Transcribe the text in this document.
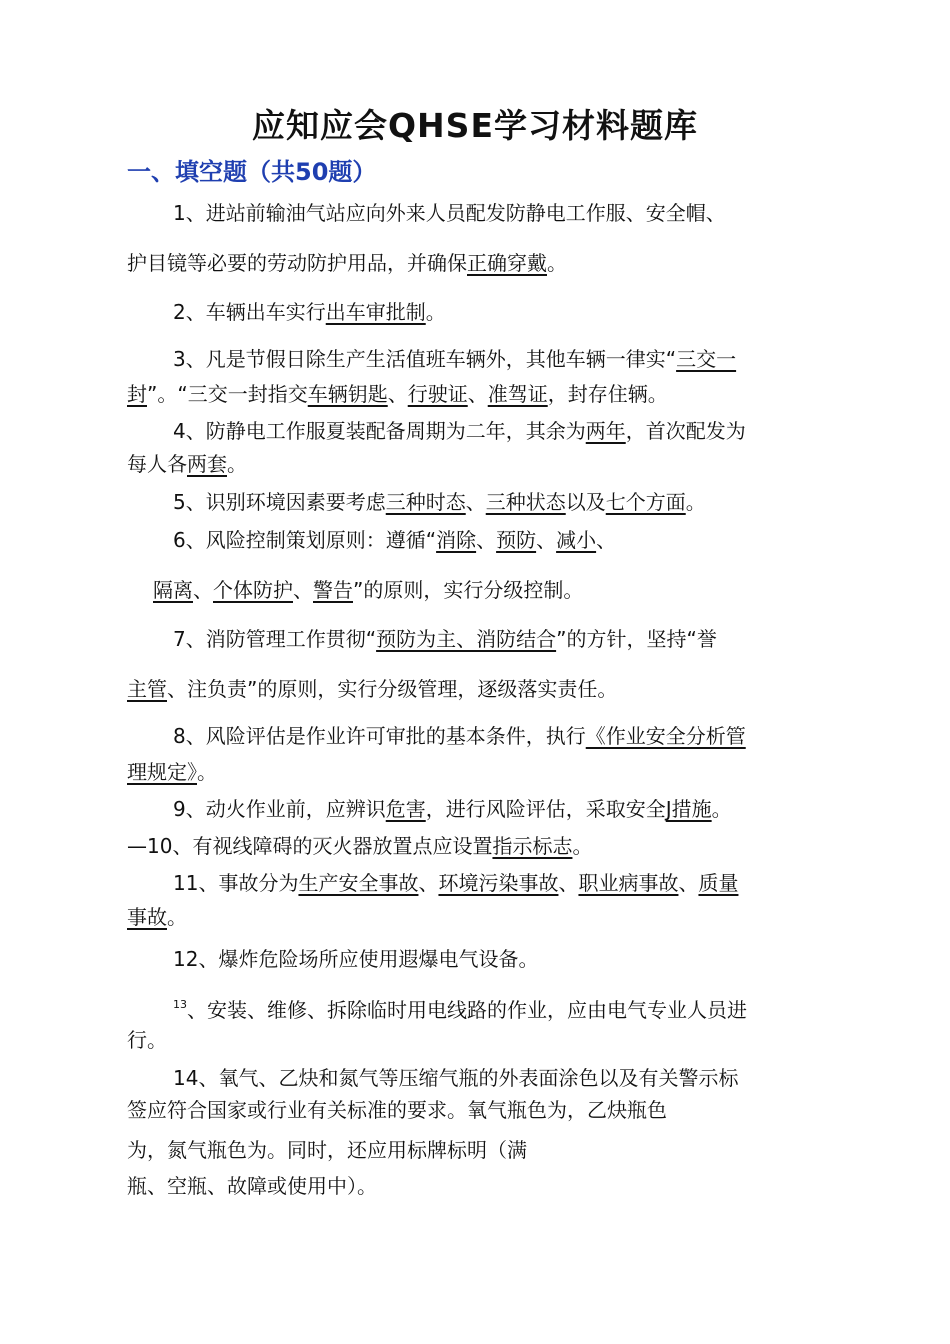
应知应会QHSE学习材料题库
一、填空题（共50题）
1、进站前输油气站应向外来人员配发防静电工作服、安全帽、
护目镜等必要的劳动防护用品，并确保正确穿戴。
2、车辆出车实行出车审批制。
3、凡是节假日除生产生活值班车辆外，其他车辆一律实“三交一
封”。“三交一封指交车辆钥匙、行驶证、准驾证，封存住辆。
4、防静电工作服夏装配备周期为二年，其余为两年，首次配发为
每人各两套。
5、识别环境因素要考虑三种时态、三种状态以及七个方面。
6、风险控制策划原则：遵循“消除、预防、减小、
隔离、个体防护、警告”的原则，实行分级控制。
7、消防管理工作贯彻“预防为主、消防结合”的方针，坚持“誉
主管、注负责”的原则，实行分级管理，逐级落实责任。
8、风险评估是作业许可审批的基本条件，执行《作业安全分析管
理规定》。
9、动火作业前，应辨识危害，进行风险评估，采取安全J措施。
—10、有视线障碍的灭火器放置点应设置指示标志。
11、事故分为生产安全事故、环境污染事故、职业病事故、质量
事故。
12、爆炸危险场所应使用遐爆电气设备。
$^{13}$、安装、维修、拆除临时用电线路的作业，应由电气专业人员进
行。
14、氧气、乙炔和氮气等压缩气瓶的外表面涂色以及有关警示标
签应符合国家或行业有关标准的要求。氧气瓶色为，乙炔瓶色
为，氮气瓶色为。同时，还应用标牌标明（满
瓶、空瓶、故障或使用中）。
